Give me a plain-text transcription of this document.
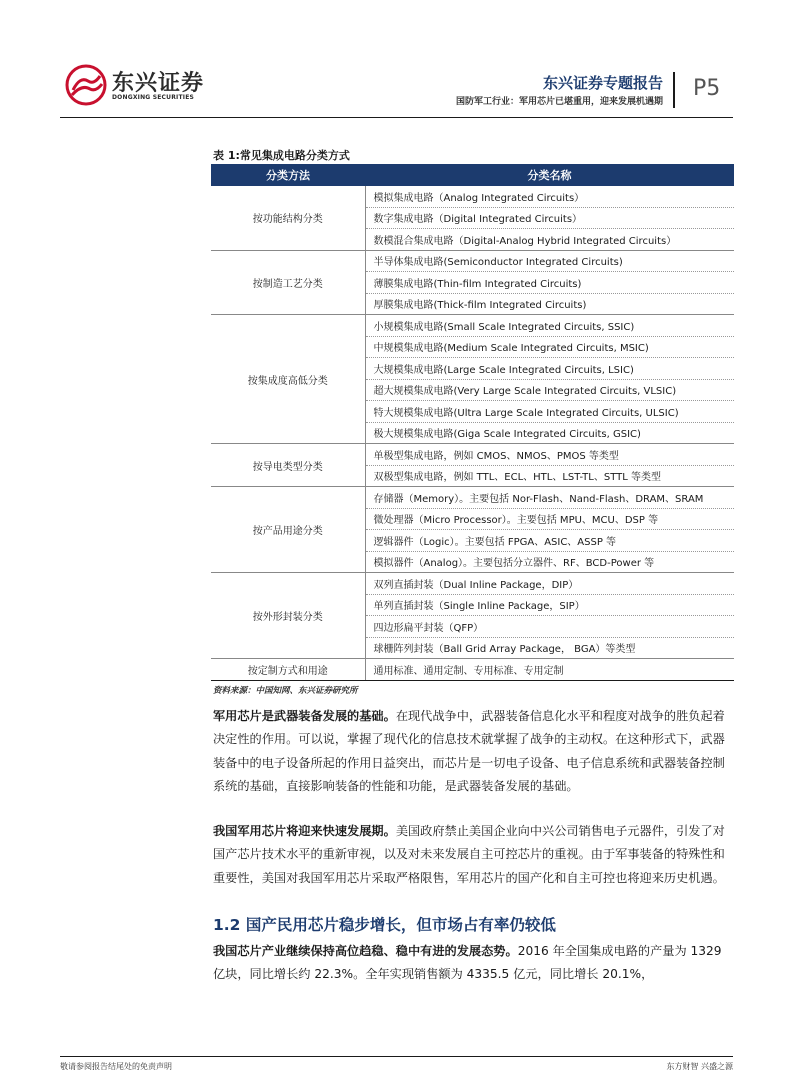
东兴证券
DONGXING SECURITIES
东兴证券专题报告
国防军工行业：军用芯片已堪重用，迎来发展机遇期
P5
表 1:常见集成电路分类方式
分类方法	分类名称
按功能结构分类	模拟集成电路（Analog Integrated Circuits）
	数字集成电路（Digital Integrated Circuits）
	数模混合集成电路（Digital-Analog Hybrid Integrated Circuits）
按制造工艺分类	半导体集成电路(Semiconductor Integrated Circuits)
	薄膜集成电路(Thin-film Integrated Circuits)
	厚膜集成电路(Thick-film Integrated Circuits)
按集成度高低分类	小规模集成电路(Small Scale Integrated Circuits, SSIC)
	中规模集成电路(Medium Scale Integrated Circuits, MSIC)
	大规模集成电路(Large Scale Integrated Circuits, LSIC)
	超大规模集成电路(Very Large Scale Integrated Circuits, VLSIC)
	特大规模集成电路(Ultra Large Scale Integrated Circuits, ULSIC)
	极大规模集成电路(Giga Scale Integrated Circuits, GSIC)
按导电类型分类	单极型集成电路，例如 CMOS、NMOS、PMOS 等类型
	双极型集成电路，例如 TTL、ECL、HTL、LST-TL、STTL 等类型
按产品用途分类	存储器（Memory）。主要包括 Nor-Flash、Nand-Flash、DRAM、SRAM
	微处理器（Micro Processor）。主要包括 MPU、MCU、DSP 等
	逻辑器件（Logic）。主要包括 FPGA、ASIC、ASSP 等
	模拟器件（Analog）。主要包括分立器件、RF、BCD-Power 等
按外形封装分类	双列直插封装（Dual Inline Package，DIP）
	单列直插封装（Single Inline Package，SIP）
	四边形扁平封装（QFP）
	球栅阵列封装（Ball Grid Array Package， BGA）等类型
按定制方式和用途	通用标准、通用定制、专用标准、专用定制
资料来源：中国知网、东兴证券研究所
军用芯片是武器装备发展的基础。在现代战争中，武器装备信息化水平和程度对战争的胜负起着决定性的作用。可以说，掌握了现代化的信息技术就掌握了战争的主动权。在这种形式下，武器装备中的电子设备所起的作用日益突出，而芯片是一切电子设备、电子信息系统和武器装备控制系统的基础，直接影响装备的性能和功能，是武器装备发展的基础。
我国军用芯片将迎来快速发展期。美国政府禁止美国企业向中兴公司销售电子元器件，引发了对国产芯片技术水平的重新审视，以及对未来发展自主可控芯片的重视。由于军事装备的特殊性和重要性，美国对我国军用芯片采取严格限售，军用芯片的国产化和自主可控也将迎来历史机遇。
1.2 国产民用芯片稳步增长，但市场占有率仍较低
我国芯片产业继续保持高位趋稳、稳中有进的发展态势。2016 年全国集成电路的产量为 1329 亿块，同比增长约 22.3%。全年实现销售额为 4335.5 亿元，同比增长 20.1%，
敬请参阅报告结尾处的免责声明	东方财智 兴盛之源
